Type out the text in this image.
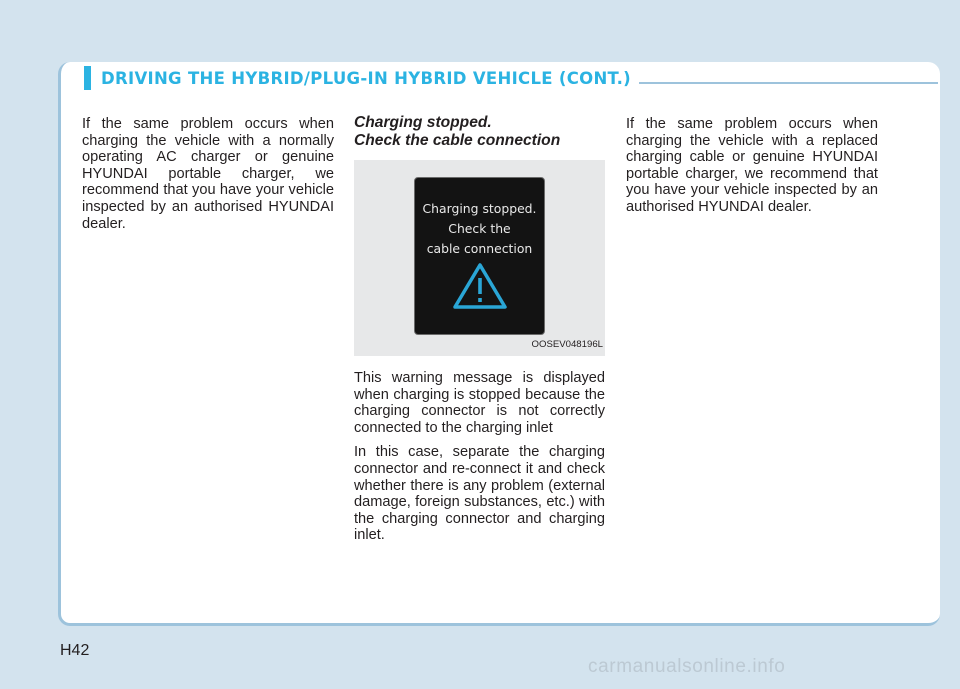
DRIVING THE HYBRID/PLUG-IN HYBRID VEHICLE (CONT.)

If the same problem occurs when charging the vehicle with a normally operating AC charger or genuine HYUNDAI portable charger, we recommend that you have your vehicle inspected by an authorised HYUNDAI dealer.

Charging stopped.
Check the cable connection
Charging stopped.
Check the
cable connection
OOSEV048196L

This warning message is displayed when charging is stopped because the charging connector is not correctly connected to the charging inlet

In this case, separate the charging connector and re-connect it and check whether there is any problem (external damage, foreign substances, etc.) with the charging connector and charging inlet.

If the same problem occurs when charging the vehicle with a replaced charging cable or genuine HYUNDAI portable charger, we recommend that you have your vehicle inspected by an authorised HYUNDAI dealer.

H42
carmanualsonline.info
